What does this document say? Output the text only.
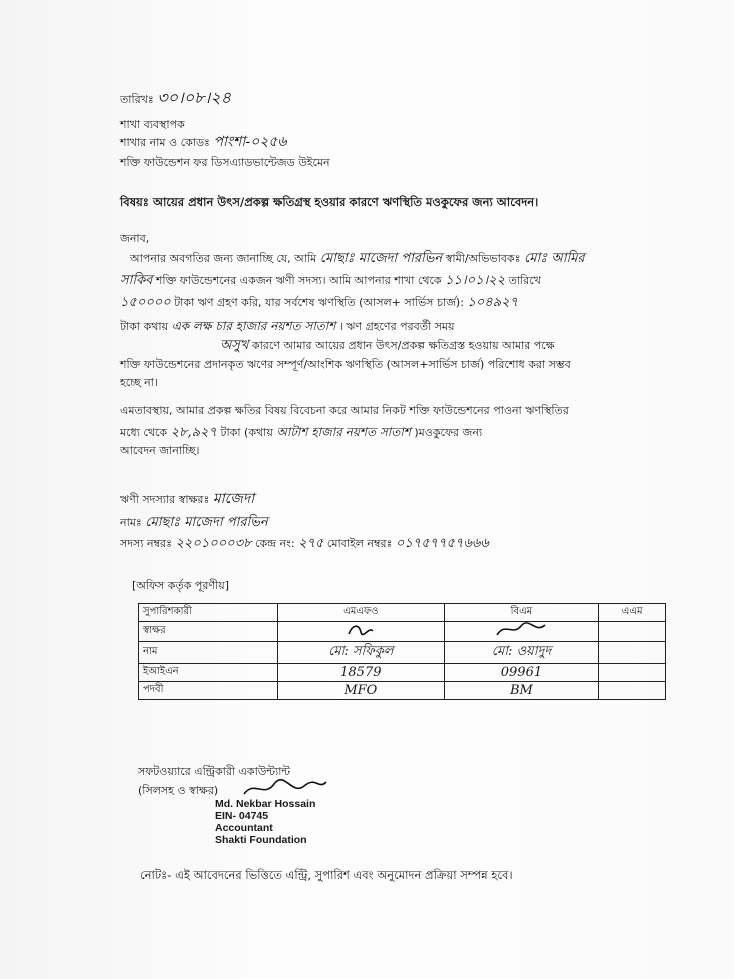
তারিখঃ ৩০।০৮।২৪
শাখা ব্যবস্থাপক
শাখার নাম ও কোডঃ পাংশা-০২৫৬
শক্তি ফাউন্ডেশন ফর ডিসএ্যাডভান্টেজড উইমেন
বিষয়ঃ আয়ের প্রধান উৎস/প্রকল্প ক্ষতিগ্রস্থ হওয়ার কারণে ঋণস্থিতি মওকুফের জন্য আবেদন।
জনাব,
আপনার অবগতির জন্য জানাচ্ছি যে, আমি মোছাঃ মাজেদা পারভিন স্বামী/অভিভাবকঃ মোঃ আমির
সাকিব শক্তি ফাউন্ডেশনের একজন ঋণী সদস্য। আমি আপনার শাখা থেকে ১১।০১।২২ তারিখে
১৫০০০০ টাকা ঋণ গ্রহণ করি, যার সর্বশেষ ঋণস্থিতি (আসল+ সার্ভিস চার্জ): ১০৪৯২৭
টাকা কথায় এক লক্ষ চার হাজার নয়শত সাতাশ । ঋণ গ্রহণের পরবর্তী সময়
অসুখ কারণে আমার আয়ের প্রধান উৎস/প্রকল্প ক্ষতিগ্রস্ত হওয়ায় আমার পক্ষে
শক্তি ফাউন্ডেশনের প্রদানকৃত ঋণের সম্পূর্ণ/আংশিক ঋণস্থিতি (আসল+সার্ভিস চার্জ) পরিশোধ করা সম্ভব
হচ্ছে না।
এমতাবস্থায়, আমার প্রকল্প ক্ষতির বিষয় বিবেচনা করে আমার নিকট শক্তি ফাউন্ডেশনের পাওনা ঋণস্থিতির
মধ্যে থেকে ২৮,৯২৭ টাকা (কথায় আটাশ হাজার নয়শত সাতাশ )মওকুফের জন্য
আবেদন জানাচ্ছি।
ঋণী সদস্যার স্বাক্ষরঃ মাজেদা
নামঃ মোছাঃ মাজেদা পারভিন
সদস্য নম্বরঃ ২২০১০০০৩৮ কেন্দ্র নং: ২৭৫ মোবাইল নম্বরঃ ০১৭৫৭৭৫৭৬৬৬
[অফিস কর্তৃক পূরণীয়]
সুপারিশকারী	এমএফও	বিএম	এএম
স্বাক্ষর			
নাম	মো: সফিকুল	মো: ওয়াদুদ	
ইআইএন	18579	09961	
পদবী	MFO	BM	
সফটওয়্যারে এন্ট্রিকারী একাউন্ট্যান্ট
(সিলসহ ও স্বাক্ষর)
Md. Nekbar Hossain
EIN- 04745
Accountant
Shakti Foundation
নোটঃ- এই আবেদনের ভিত্তিতে এন্ট্রি, সুপারিশ এবং অনুমোদন প্রক্রিয়া সম্পন্ন হবে।
